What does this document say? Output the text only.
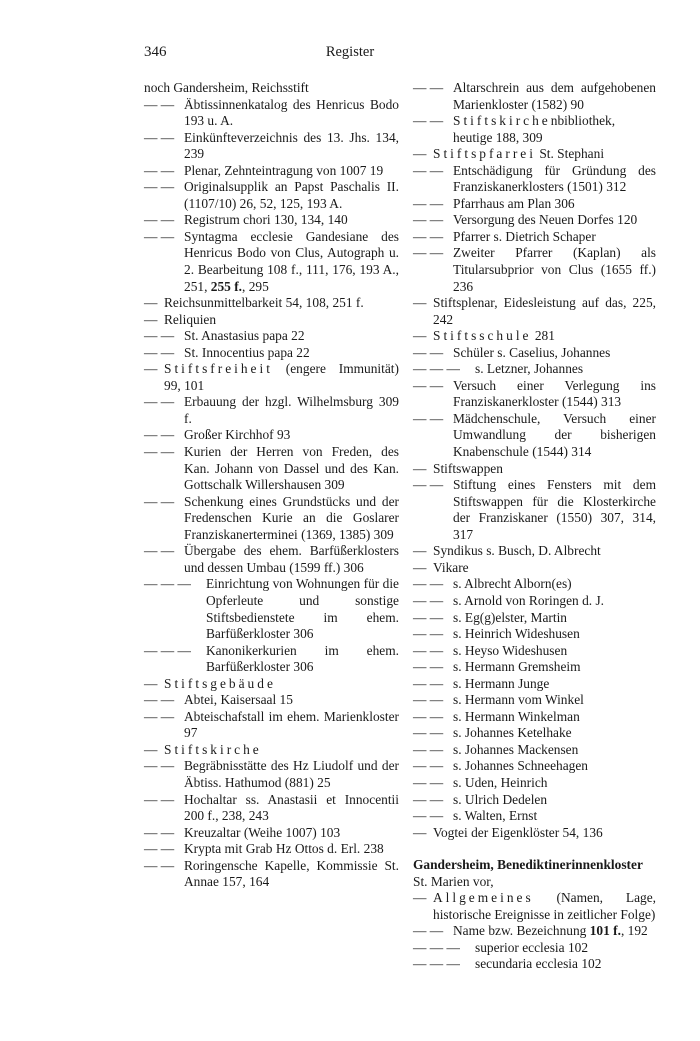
346	Register
noch Gandersheim, Reichsstift
— — Äbtissinnenkatalog des Henricus Bodo 193 u. A.
— — Einkünfteverzeichnis des 13. Jhs. 134, 239
— — Plenar, Zehnteintragung von 1007 19
— — Originalsupplik an Papst Paschalis II. (1107/10) 26, 52, 125, 193 A.
— — Registrum chori 130, 134, 140
— — Syntagma ecclesie Gandesiane des Henricus Bodo von Clus, Autograph u. 2. Bearbeitung 108 f., 111, 176, 193 A., 251, 255 f., 295
— Reichsunmittelbarkeit 54, 108, 251 f.
— Reliquien
— — St. Anastasius papa 22
— — St. Innocentius papa 22
— Stiftsfreiheit (engere Immunität) 99, 101
— — Erbauung der hzgl. Wilhelmsburg 309 f.
— — Großer Kirchhof 93
— — Kurien der Herren von Freden, des Kan. Johann von Dassel und des Kan. Gottschalk Willershausen 309
— — Schenkung eines Grundstücks und der Fredenschen Kurie an die Goslarer Franziskanerterminei (1369, 1385) 309
— — Übergabe des ehem. Barfüßerklosters und dessen Umbau (1599 ff.) 306
— — — Einrichtung von Wohnungen für die Opferleute und sonstige Stiftsbedienstete im ehem. Barfüßerkloster 306
— — — Kanonikerkurien im ehem. Barfüßerkloster 306
— Stiftsgebäude
— — Abtei, Kaisersaal 15
— — Abteischafstall im ehem. Marienkloster 97
— Stiftskirche
— — Begräbnisstätte des Hz Liudolf und der Äbtiss. Hathumod (881) 25
— — Hochaltar ss. Anastasii et Innocentii 200 f., 238, 243
— — Kreuzaltar (Weihe 1007) 103
— — Krypta mit Grab Hz Ottos d. Erl. 238
— — Roringensche Kapelle, Kommissie St. Annae 157, 164
— — Altarschrein aus dem aufgehobenen Marienkloster (1582) 90
— — Stiftskirchenbibliothek, heutige 188, 309
— Stiftspfarrei St. Stephani
— — Entschädigung für Gründung des Franziskanerklosters (1501) 312
— — Pfarrhaus am Plan 306
— — Versorgung des Neuen Dorfes 120
— — Pfarrer s. Dietrich Schaper
— — Zweiter Pfarrer (Kaplan) als Titularsubprior von Clus (1655 ff.) 236
— Stiftsplenar, Eidesleistung auf das, 225, 242
— Stiftsschule 281
— — Schüler s. Caselius, Johannes
— — — s. Letzner, Johannes
— — Versuch einer Verlegung ins Franziskanerkloster (1544) 313
— — Mädchenschule, Versuch einer Umwandlung der bisherigen Knabenschule (1544) 314
— Stiftswappen
— — Stiftung eines Fensters mit dem Stiftswappen für die Klosterkirche der Franziskaner (1550) 307, 314, 317
— Syndikus s. Busch, D. Albrecht
— Vikare
— — s. Albrecht Alborn(es)
— — s. Arnold von Roringen d. J.
— — s. Eg(g)elster, Martin
— — s. Heinrich Wideshusen
— — s. Heyso Wideshusen
— — s. Hermann Gremsheim
— — s. Hermann Junge
— — s. Hermann vom Winkel
— — s. Hermann Winkelman
— — s. Johannes Ketelhake
— — s. Johannes Mackensen
— — s. Johannes Schneehagen
— — s. Uden, Heinrich
— — s. Ulrich Dedelen
— — s. Walten, Ernst
— Vogtei der Eigenklöster 54, 136
Gandersheim, Benediktinerinnenkloster
St. Marien vor,
— Allgemeines (Namen, Lage, historische Ereignisse in zeitlicher Folge)
— — Name bzw. Bezeichnung 101 f., 192
— — — superior ecclesia 102
— — — secundaria ecclesia 102
